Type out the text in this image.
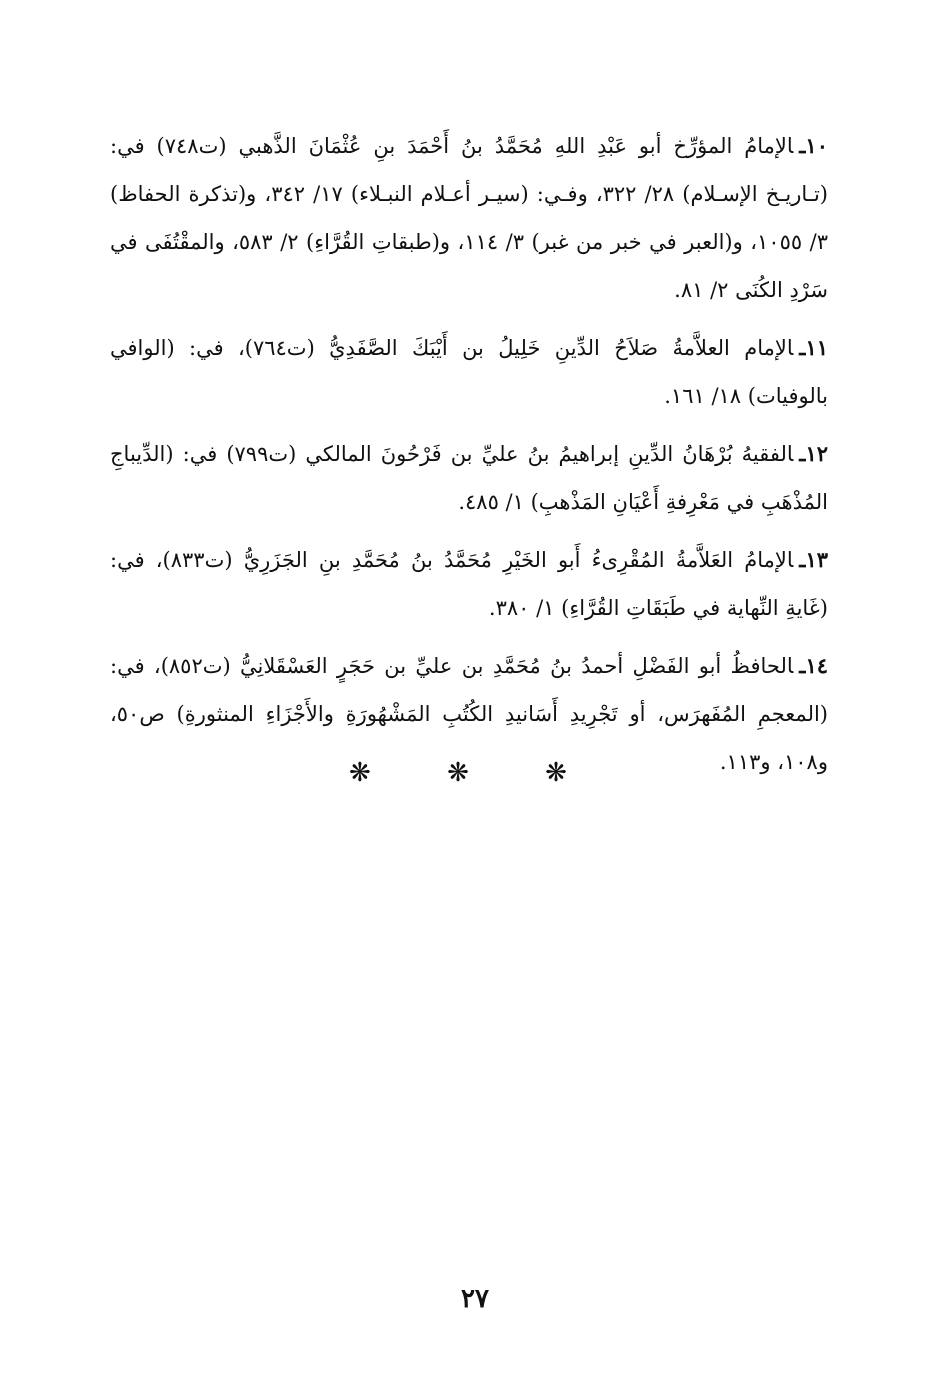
١٠ـالإمامُ المؤرِّخ أبو عَبْدِ اللهِ مُحَمَّدُ بنُ أَحْمَدَ بنِ عُثْمَانَ الذَّهبي (ت٧٤٨) في: (تـاريـخ الإسـلام) ٢٨/ ٣٢٢، وفـي: (سيـر أعـلام النبـلاء) ١٧/ ٣٤٢، و(تذكرة الحفاظ) ٣/ ١٠٥٥، و(العبر في خبر من غبر) ٣/ ١١٤، و(طبقاتِ القُرَّاءِ) ٢/ ٥٨٣، والمقْتُفَى في سَرْدِ الكُنَى ٢/ ٨١.

١١ـالإمام العلاَّمةُ صَلاَحُ الدِّينِ خَلِيلُ بن أَيْبَكَ الصَّفَدِيُّ (ت٧٦٤)، في: (الوافي بالوفيات) ١٨/ ١٦١.

١٢ـالفقيهُ بُرْهَانُ الدِّينِ إبراهيمُ بنُ عليِّ بن فَرْحُونَ المالكي (ت٧٩٩) في: (الدِّيباجِ المُذْهَبِ في مَعْرِفةِ أَعْيَانِ المَذْهبِ) ١/ ٤٨٥.

١٣ـالإمامُ العَلاَّمةُ المُقْرِىءُ أَبو الخَيْرِ مُحَمَّدُ بنُ مُحَمَّدِ بنِ الجَزَرِيُّ (ت٨٣٣)، في: (غَايةِ النِّهاية في طَبَقَاتِ القُرَّاءِ) ١/ ٣٨٠.

١٤ـالحافظُ أبو الفَضْلِ أحمدُ بنُ مُحَمَّدِ بن عليِّ بن حَجَرٍ العَسْقَلانِيُّ (ت٨٥٢)، في: (المعجمِ المُفَهرَس، أو تَجْرِيدِ أَسَانيدِ الكُتُبِ المَشْهُورَةِ والأَجْزَاءِ المنثورةِ) ص٥٠، و١٠٨، و١١٣.

❋ ❋ ❋
٢٧
